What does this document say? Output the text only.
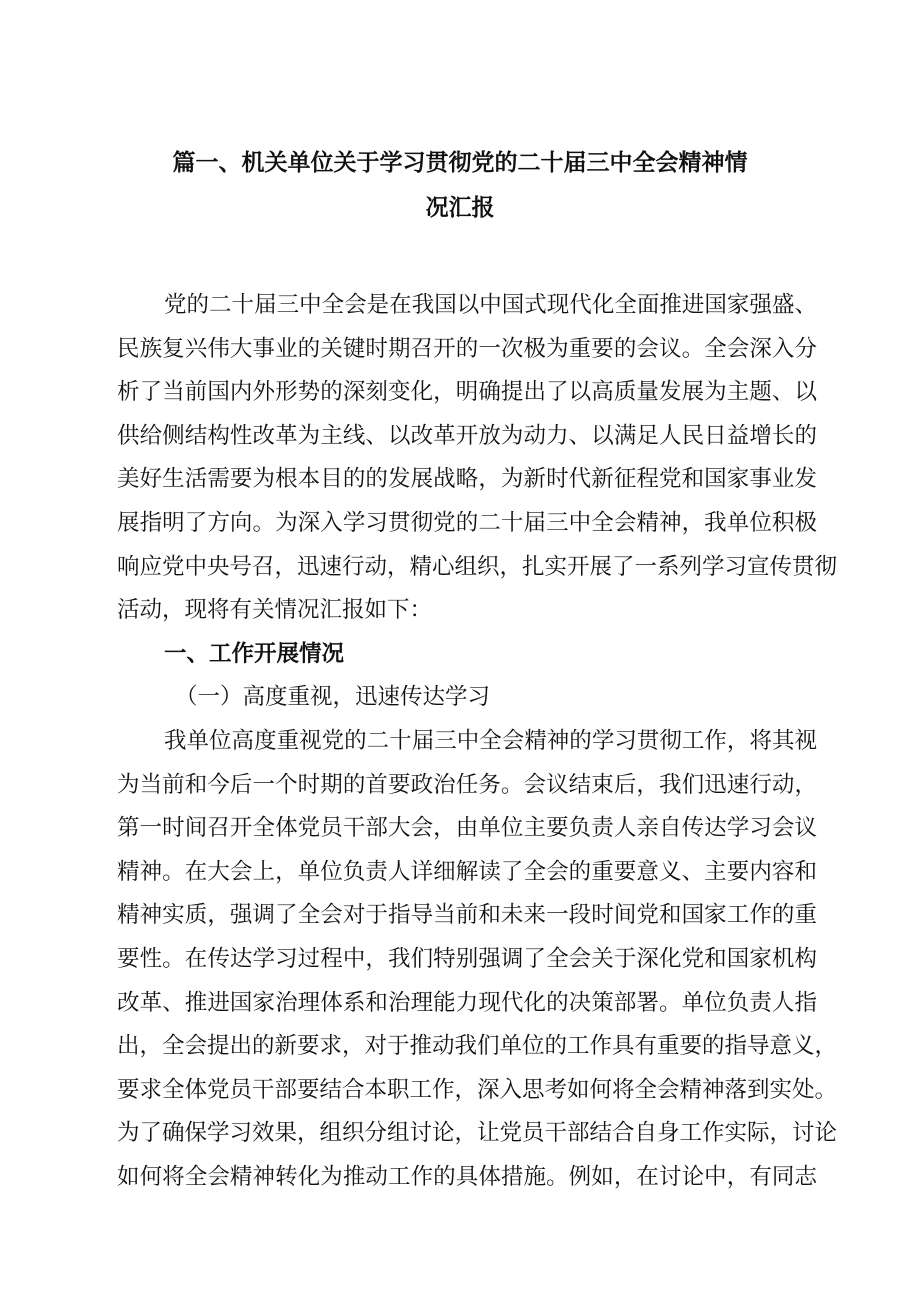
篇一、机关单位关于学习贯彻党的二十届三中全会精神情
况汇报
党的二十届三中全会是在我国以中国式现代化全面推进国家强盛、
民族复兴伟大事业的关键时期召开的一次极为重要的会议。全会深入分
析了当前国内外形势的深刻变化，明确提出了以高质量发展为主题、以
供给侧结构性改革为主线、以改革开放为动力、以满足人民日益增长的
美好生活需要为根本目的的发展战略，为新时代新征程党和国家事业发
展指明了方向。为深入学习贯彻党的二十届三中全会精神，我单位积极
响应党中央号召，迅速行动，精心组织，扎实开展了一系列学习宣传贯彻
活动，现将有关情况汇报如下：
一、工作开展情况
（一）高度重视，迅速传达学习
我单位高度重视党的二十届三中全会精神的学习贯彻工作，将其视
为当前和今后一个时期的首要政治任务。会议结束后，我们迅速行动，
第一时间召开全体党员干部大会，由单位主要负责人亲自传达学习会议
精神。在大会上，单位负责人详细解读了全会的重要意义、主要内容和
精神实质，强调了全会对于指导当前和未来一段时间党和国家工作的重
要性。在传达学习过程中，我们特别强调了全会关于深化党和国家机构
改革、推进国家治理体系和治理能力现代化的决策部署。单位负责人指
出，全会提出的新要求，对于推动我们单位的工作具有重要的指导意义，
要求全体党员干部要结合本职工作，深入思考如何将全会精神落到实处。
为了确保学习效果，组织分组讨论，让党员干部结合自身工作实际，讨论
如何将全会精神转化为推动工作的具体措施。例如，在讨论中，有同志
